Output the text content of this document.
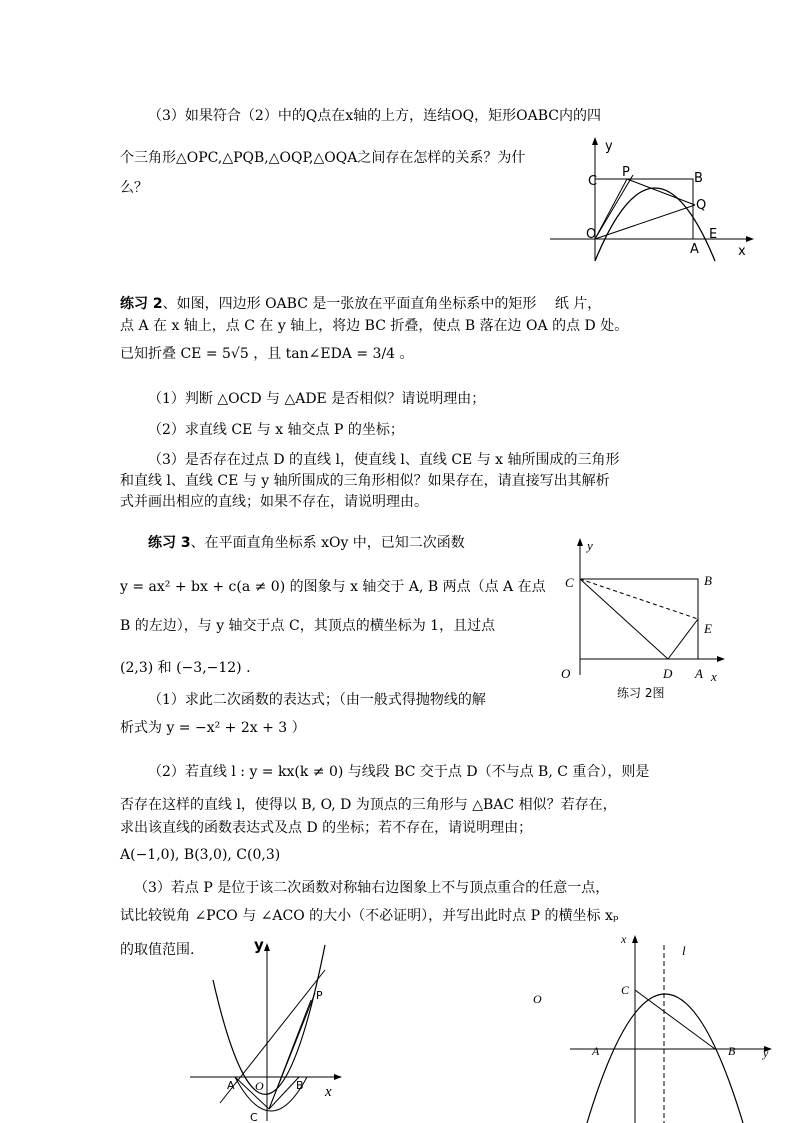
（3）如果符合（2）中的Q点在x轴的上方，连结OQ，矩形OABC内的四
个三角形△OPC,△PQB,△OQP,△OQA之间存在怎样的关系？为什
么？
y
C
P	B
Q
O
A
E
x
练习 2、如图，四边形 OABC 是一张放在平面直角坐标系中的矩形　 纸 片，
点 A 在 x 轴上，点 C 在 y 轴上，将边 BC 折叠，使点 B 落在边 OA 的点 D 处。
已知折叠 CE = 5√5 ，且 tan∠EDA = 3/4 。
（1）判断 △OCD 与 △ADE 是否相似？请说明理由；
（2）求直线 CE 与 x 轴交点 P 的坐标；
（3）是否存在过点 D 的直线 l，使直线 l、直线 CE 与 x 轴所围成的三角形
和直线 l、直线 CE 与 y 轴所围成的三角形相似？如果存在，请直接写出其解析
式并画出相应的直线；如果不存在，请说明理由。
练习 3、在平面直角坐标系 xOy 中，已知二次函数
y = ax² + bx + c(a ≠ 0) 的图象与 x 轴交于 A, B 两点（点 A 在点
B 的左边），与 y 轴交于点 C，其顶点的横坐标为 1，且过点
(2,3) 和 (−3,−12) .
（1）求此二次函数的表达式；（由一般式得抛物线的解
析式为 y = −x² + 2x + 3 ）
y
C	B
E
O	D A x
练习 2图
（2）若直线 l : y = kx(k ≠ 0) 与线段 BC 交于点 D（不与点 B, C 重合），则是
否存在这样的直线 l，使得以 B, O, D 为顶点的三角形与 △BAC 相似？若存在，
求出该直线的函数表达式及点 D 的坐标；若不存在，请说明理由；
A(−1,0), B(3,0), C(0,3)
（3）若点 P 是位于该二次函数对称轴右边图象上不与顶点重合的任意一点，
试比较锐角 ∠PCO 与 ∠ACO 的大小（不必证明），并写出此时点 P 的横坐标 xₚ
的取值范围.	y
P
A O	B
C
x
x
l
O
C
A	B y
